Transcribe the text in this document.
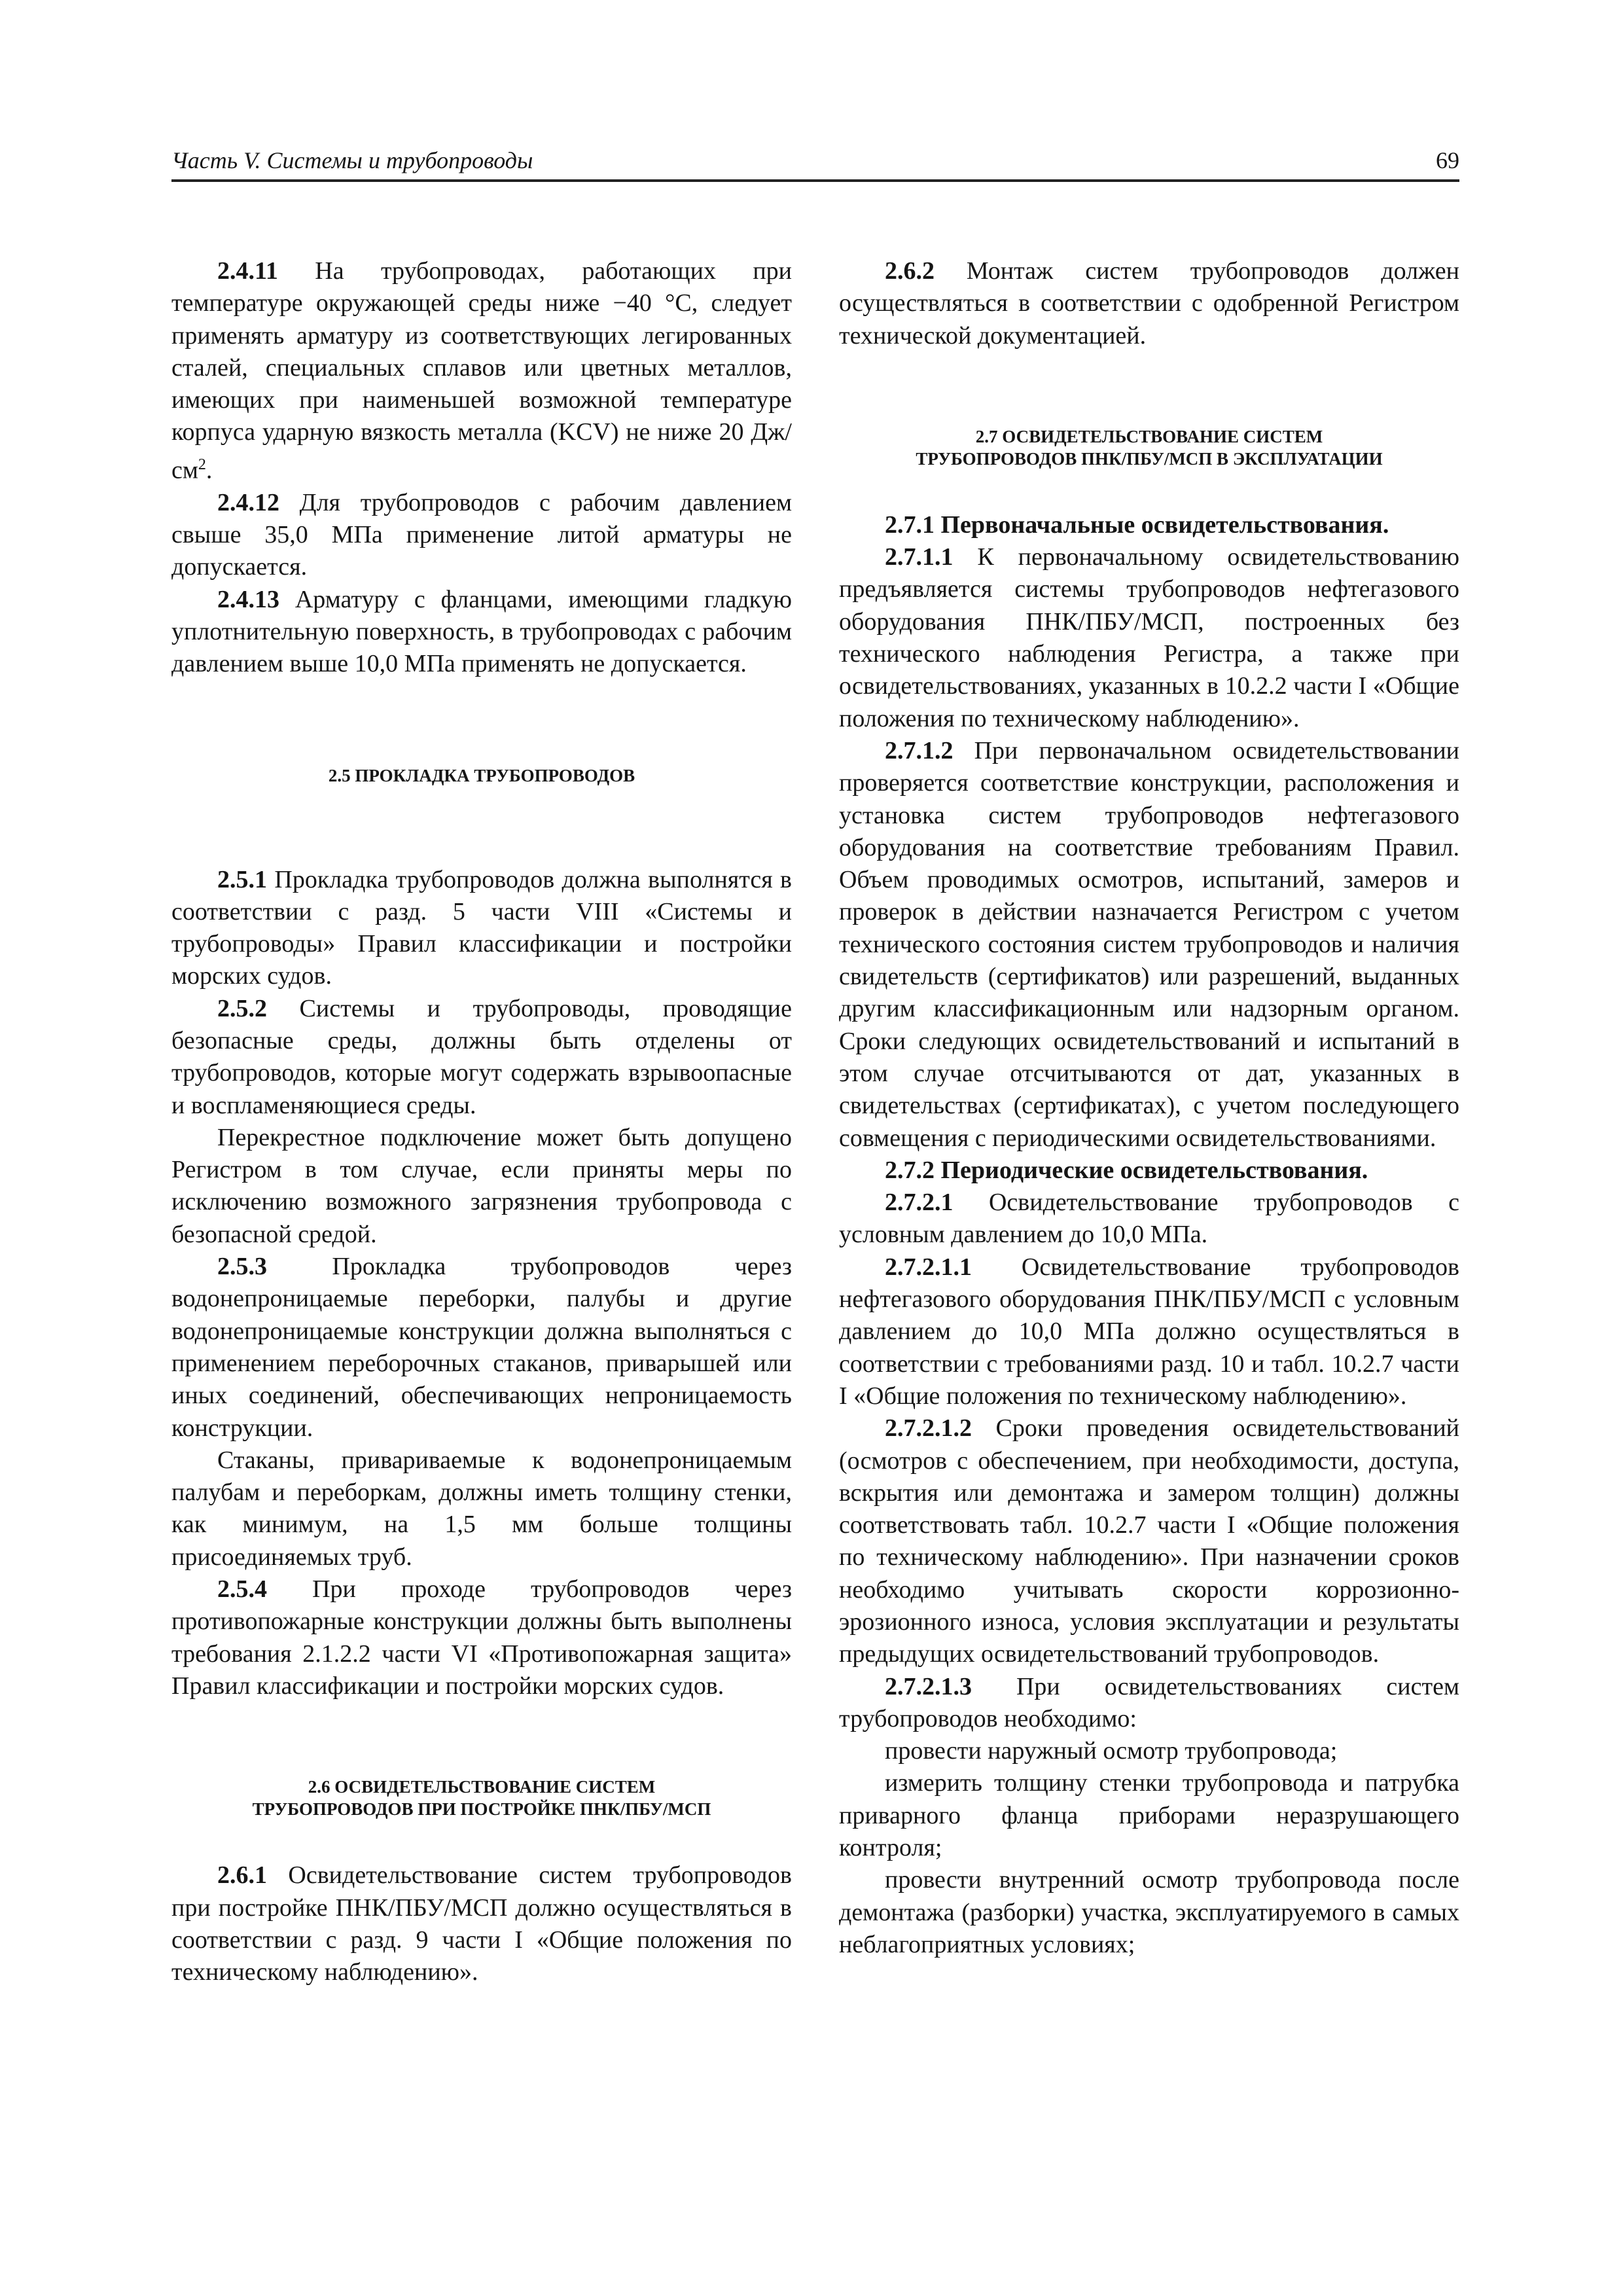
Часть V. Системы и трубопроводы	69

2.4.11 На трубопроводах, работающих при температуре окружающей среды ниже −40 °С, следует применять арматуру из соответствующих легированных сталей, специальных сплавов или цветных металлов, имеющих при наименьшей возможной температуре корпуса ударную вязкость металла (KCV) не ниже 20 $Дж/см^2$.

2.4.12 Для трубопроводов с рабочим давлением свыше 35,0 МПа применение литой арматуры не допускается.

2.4.13 Арматуру с фланцами, имеющими гладкую уплотнительную поверхность, в трубопроводах с рабочим давлением выше 10,0 МПа применять не допускается.

2.5 ПРОКЛАДКА ТРУБОПРОВОДОВ

2.5.1 Прокладка трубопроводов должна выполнятся в соответствии с разд. 5 части VIII «Системы и трубопроводы» Правил классификации и постройки морских судов.

2.5.2 Системы и трубопроводы, проводящие безопасные среды, должны быть отделены от трубопроводов, которые могут содержать взрывоопасные и воспламеняющиеся среды.

Перекрестное подключение может быть допущено Регистром в том случае, если приняты меры по исключению возможного загрязнения трубопровода с безопасной средой.

2.5.3 Прокладка трубопроводов через водонепроницаемые переборки, палубы и другие водонепроницаемые конструкции должна выполняться с применением переборочных стаканов, приварышей или иных соединений, обеспечивающих непроницаемость конструкции.

Стаканы, привариваемые к водонепроницаемым палубам и переборкам, должны иметь толщину стенки, как минимум, на 1,5 мм больше толщины присоединяемых труб.

2.5.4 При проходе трубопроводов через противопожарные конструкции должны быть выполнены требования 2.1.2.2 части VI «Противопожарная защита» Правил классификации и постройки морских судов.

2.6 ОСВИДЕТЕЛЬСТВОВАНИЕ СИСТЕМ
ТРУБОПРОВОДОВ ПРИ ПОСТРОЙКЕ ПНК/ПБУ/МСП

2.6.1 Освидетельствование систем трубопроводов при постройке ПНК/ПБУ/МСП должно осуществляться в соответствии с разд. 9 части I «Общие положения по техническому наблюдению».

2.6.2 Монтаж систем трубопроводов должен осуществляться в соответствии с одобренной Регистром технической документацией.

2.7 ОСВИДЕТЕЛЬСТВОВАНИЕ СИСТЕМ
ТРУБОПРОВОДОВ ПНК/ПБУ/МСП В ЭКСПЛУАТАЦИИ

2.7.1 Первоначальные освидетельствования.

2.7.1.1 К первоначальному освидетельствованию предъявляется системы трубопроводов нефтегазового оборудования ПНК/ПБУ/МСП, построенных без технического наблюдения Регистра, а также при освидетельствованиях, указанных в 10.2.2 части I «Общие положения по техническому наблюдению».

2.7.1.2 При первоначальном освидетельствовании проверяется соответствие конструкции, расположения и установка систем трубопроводов нефтегазового оборудования на соответствие требованиям Правил. Объем проводимых осмотров, испытаний, замеров и проверок в действии назначается Регистром с учетом технического состояния систем трубопроводов и наличия свидетельств (сертификатов) или разрешений, выданных другим классификационным или надзорным органом. Сроки следующих освидетельствований и испытаний в этом случае отсчитываются от дат, указанных в свидетельствах (сертификатах), с учетом последующего совмещения с периодическими освидетельствованиями.

2.7.2 Периодические освидетельствования.

2.7.2.1 Освидетельствование трубопроводов с условным давлением до 10,0 МПа.

2.7.2.1.1 Освидетельствование трубопроводов нефтегазового оборудования ПНК/ПБУ/МСП с условным давлением до 10,0 МПа должно осуществляться в соответствии с требованиями разд. 10 и табл. 10.2.7 части I «Общие положения по техническому наблюдению».

2.7.2.1.2 Сроки проведения освидетельствований (осмотров с обеспечением, при необходимости, доступа, вскрытия или демонтажа и замером толщин) должны соответствовать табл. 10.2.7 части I «Общие положения по техническому наблюдению». При назначении сроков необходимо учитывать скорости коррозионно-эрозионного износа, условия эксплуатации и результаты предыдущих освидетельствований трубопроводов.

2.7.2.1.3 При освидетельствованиях систем трубопроводов необходимо:

провести наружный осмотр трубопровода;

измерить толщину стенки трубопровода и патрубка приварного фланца приборами неразрушающего контроля;

провести внутренний осмотр трубопровода после демонтажа (разборки) участка, эксплуатируемого в самых неблагоприятных условиях;
